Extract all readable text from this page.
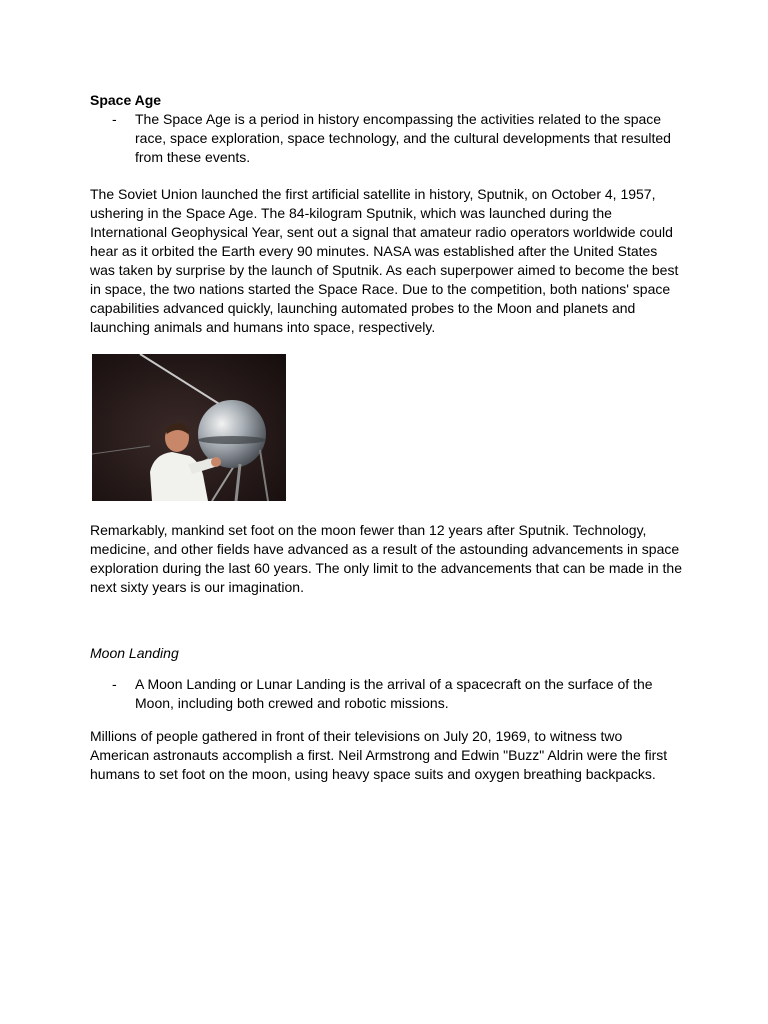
Space Age

-	The Space Age is a period in history encompassing the activities related to the space race, space exploration, space technology, and the cultural developments that resulted from these events.

The Soviet Union launched the first artificial satellite in history, Sputnik, on October 4, 1957, ushering in the Space Age. The 84-kilogram Sputnik, which was launched during the International Geophysical Year, sent out a signal that amateur radio operators worldwide could hear as it orbited the Earth every 90 minutes. NASA was established after the United States was taken by surprise by the launch of Sputnik. As each superpower aimed to become the best in space, the two nations started the Space Race. Due to the competition, both nations' space capabilities advanced quickly, launching automated probes to the Moon and planets and launching animals and humans into space, respectively.

Remarkably, mankind set foot on the moon fewer than 12 years after Sputnik. Technology, medicine, and other fields have advanced as a result of the astounding advancements in space exploration during the last 60 years. The only limit to the advancements that can be made in the next sixty years is our imagination.

Moon Landing

-	A Moon Landing or Lunar Landing is the arrival of a spacecraft on the surface of the Moon, including both crewed and robotic missions.

Millions of people gathered in front of their televisions on July 20, 1969, to witness two American astronauts accomplish a first. Neil Armstrong and Edwin "Buzz" Aldrin were the first humans to set foot on the moon, using heavy space suits and oxygen breathing backpacks.
